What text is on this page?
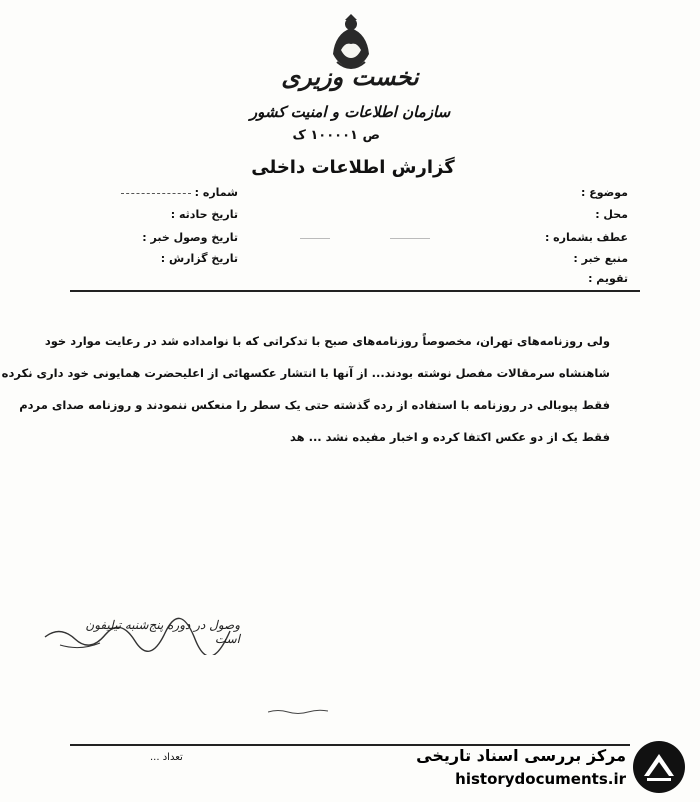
نخست وزیری
سازمان اطلاعات و امنیت کشور
ص ۱۰۰۰۰۱ ک
گزارش اطلاعات داخلی
موضوع :
محل :
عطف بشماره :
منبع خبر :
تقویم :
شماره :
تاریخ حادثه :
تاریخ وصول خبر :
تاریخ گزارش :
ولی روزنامه‌های تهران، مخصوصاً روزنامه‌های صبح با تدکراتی که با نوامداده شد در رعایت موارد خود
شاهنشاه سرمقالات مفصل نوشته بودند... از آنها با انتشار عکسهائی از اعلیحضرت همایونی خود داری نکرده
فقط پیوبالی در روزنامه با استفاده از رده گذشته حتی یک سطر را منعکس ننمودند و روزنامه صدای مردم
فقط یک از دو عکس اکتفا کرده و اخبار مفیده نشد ... هد
وصول در دوره پنج‌شنبه تیلیفون است
تعداد ...	مرکز بررسی اسناد تاریخی
historydocuments.ir
